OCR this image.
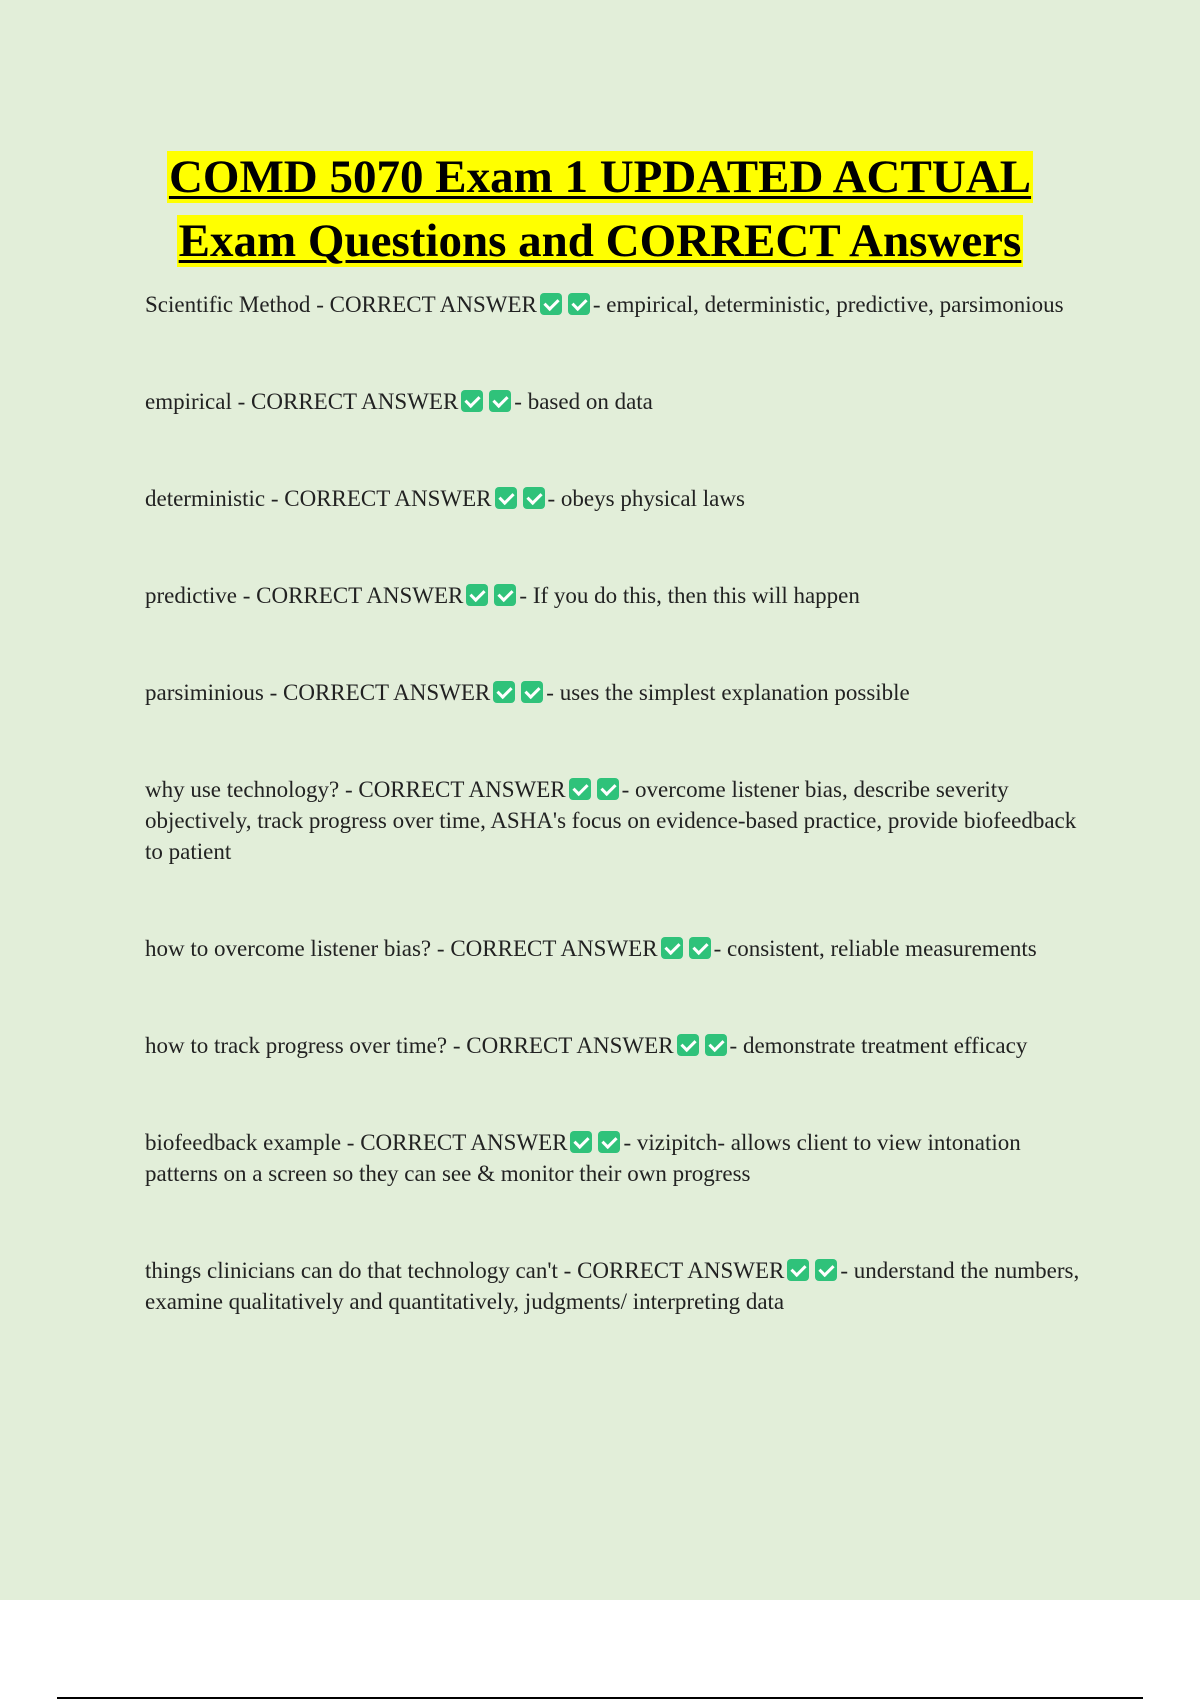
COMD 5070 Exam 1 UPDATED ACTUAL
Exam Questions and CORRECT Answers
Scientific Method - CORRECT ANSWER - empirical, deterministic, predictive, parsimonious
empirical - CORRECT ANSWER - based on data
deterministic - CORRECT ANSWER - obeys physical laws
predictive - CORRECT ANSWER - If you do this, then this will happen
parsiminious - CORRECT ANSWER - uses the simplest explanation possible
why use technology? - CORRECT ANSWER - overcome listener bias, describe severity objectively, track progress over time, ASHA's focus on evidence-based practice, provide biofeedback to patient
how to overcome listener bias? - CORRECT ANSWER - consistent, reliable measurements
how to track progress over time? - CORRECT ANSWER - demonstrate treatment efficacy
biofeedback example - CORRECT ANSWER - vizipitch- allows client to view intonation patterns on a screen so they can see & monitor their own progress
things clinicians can do that technology can't - CORRECT ANSWER - understand the numbers, examine qualitatively and quantitatively, judgments/ interpreting data
